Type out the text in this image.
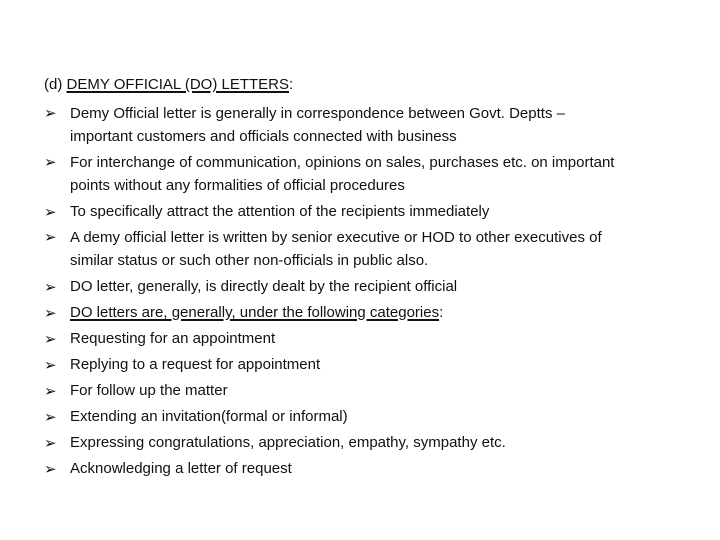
(d) DEMY OFFICIAL (DO) LETTERS:
➢ Demy Official letter is generally in correspondence between Govt. Deptts –
important customers and officials connected with business
➢ For interchange of communication, opinions on sales, purchases etc. on important
points without any formalities of official procedures
➢ To specifically attract the attention of the recipients immediately
➢ A demy official letter is written by senior executive or HOD to other executives of
similar status or such other non-officials in public also.
➢ DO letter, generally, is directly dealt by the recipient official
➢ DO letters are, generally, under the following categories:
➢ Requesting for an appointment
➢ Replying to a request for appointment
➢ For follow up the matter
➢ Extending an invitation(formal or informal)
➢ Expressing congratulations, appreciation, empathy, sympathy etc.
➢ Acknowledging a letter of request
